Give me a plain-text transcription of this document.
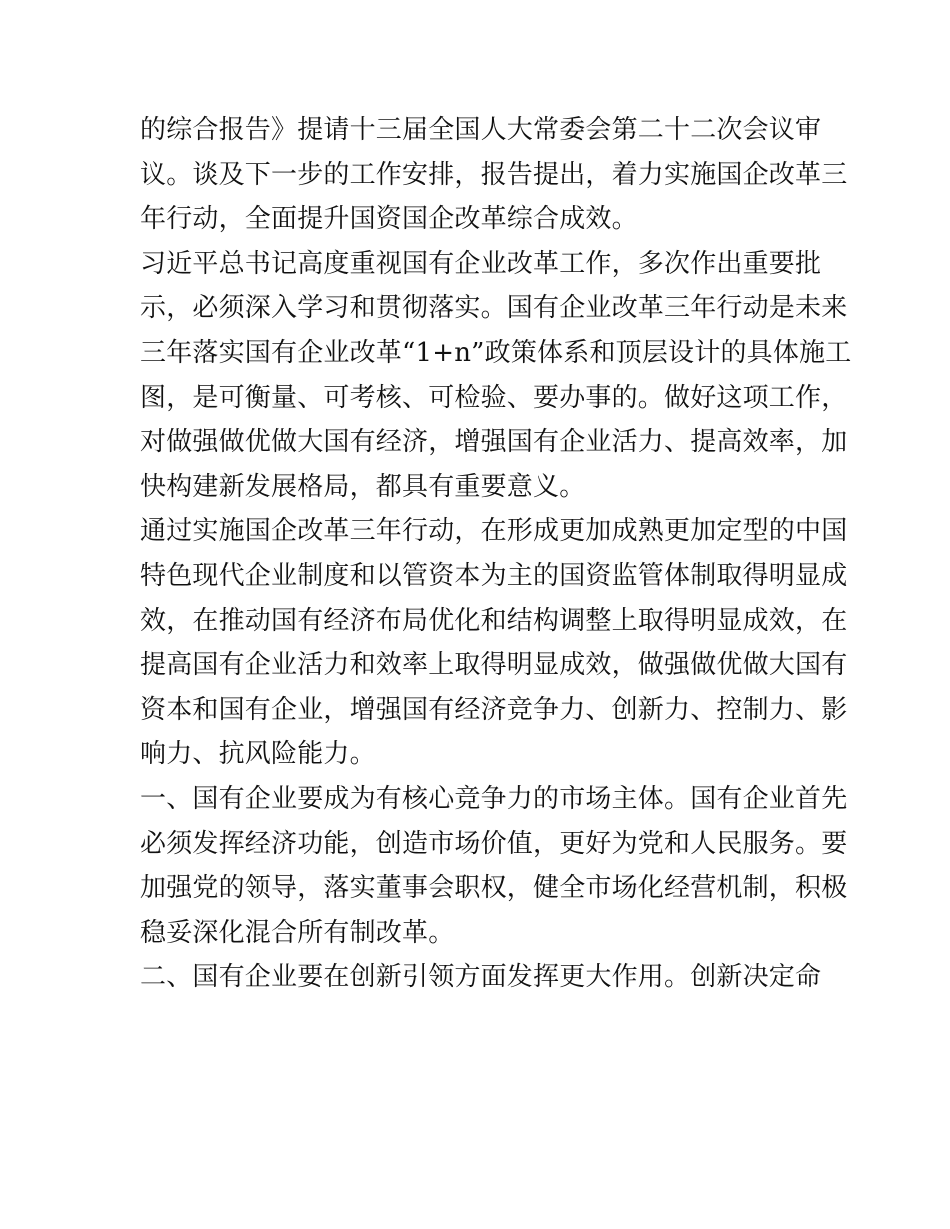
的综合报告》提请十三届全国人大常委会第二十二次会议审
议。谈及下一步的工作安排，报告提出，着力实施国企改革三
年行动，全面提升国资国企改革综合成效。
习近平总书记高度重视国有企业改革工作，多次作出重要批
示，必须深入学习和贯彻落实。国有企业改革三年行动是未来
三年落实国有企业改革“1+n”政策体系和顶层设计的具体施工
图，是可衡量、可考核、可检验、要办事的。做好这项工作，
对做强做优做大国有经济，增强国有企业活力、提高效率，加
快构建新发展格局，都具有重要意义。
通过实施国企改革三年行动，在形成更加成熟更加定型的中国
特色现代企业制度和以管资本为主的国资监管体制取得明显成
效，在推动国有经济布局优化和结构调整上取得明显成效，在
提高国有企业活力和效率上取得明显成效，做强做优做大国有
资本和国有企业，增强国有经济竞争力、创新力、控制力、影
响力、抗风险能力。
一、国有企业要成为有核心竞争力的市场主体。国有企业首先
必须发挥经济功能，创造市场价值，更好为党和人民服务。要
加强党的领导，落实董事会职权，健全市场化经营机制，积极
稳妥深化混合所有制改革。
二、国有企业要在创新引领方面发挥更大作用。创新决定命
